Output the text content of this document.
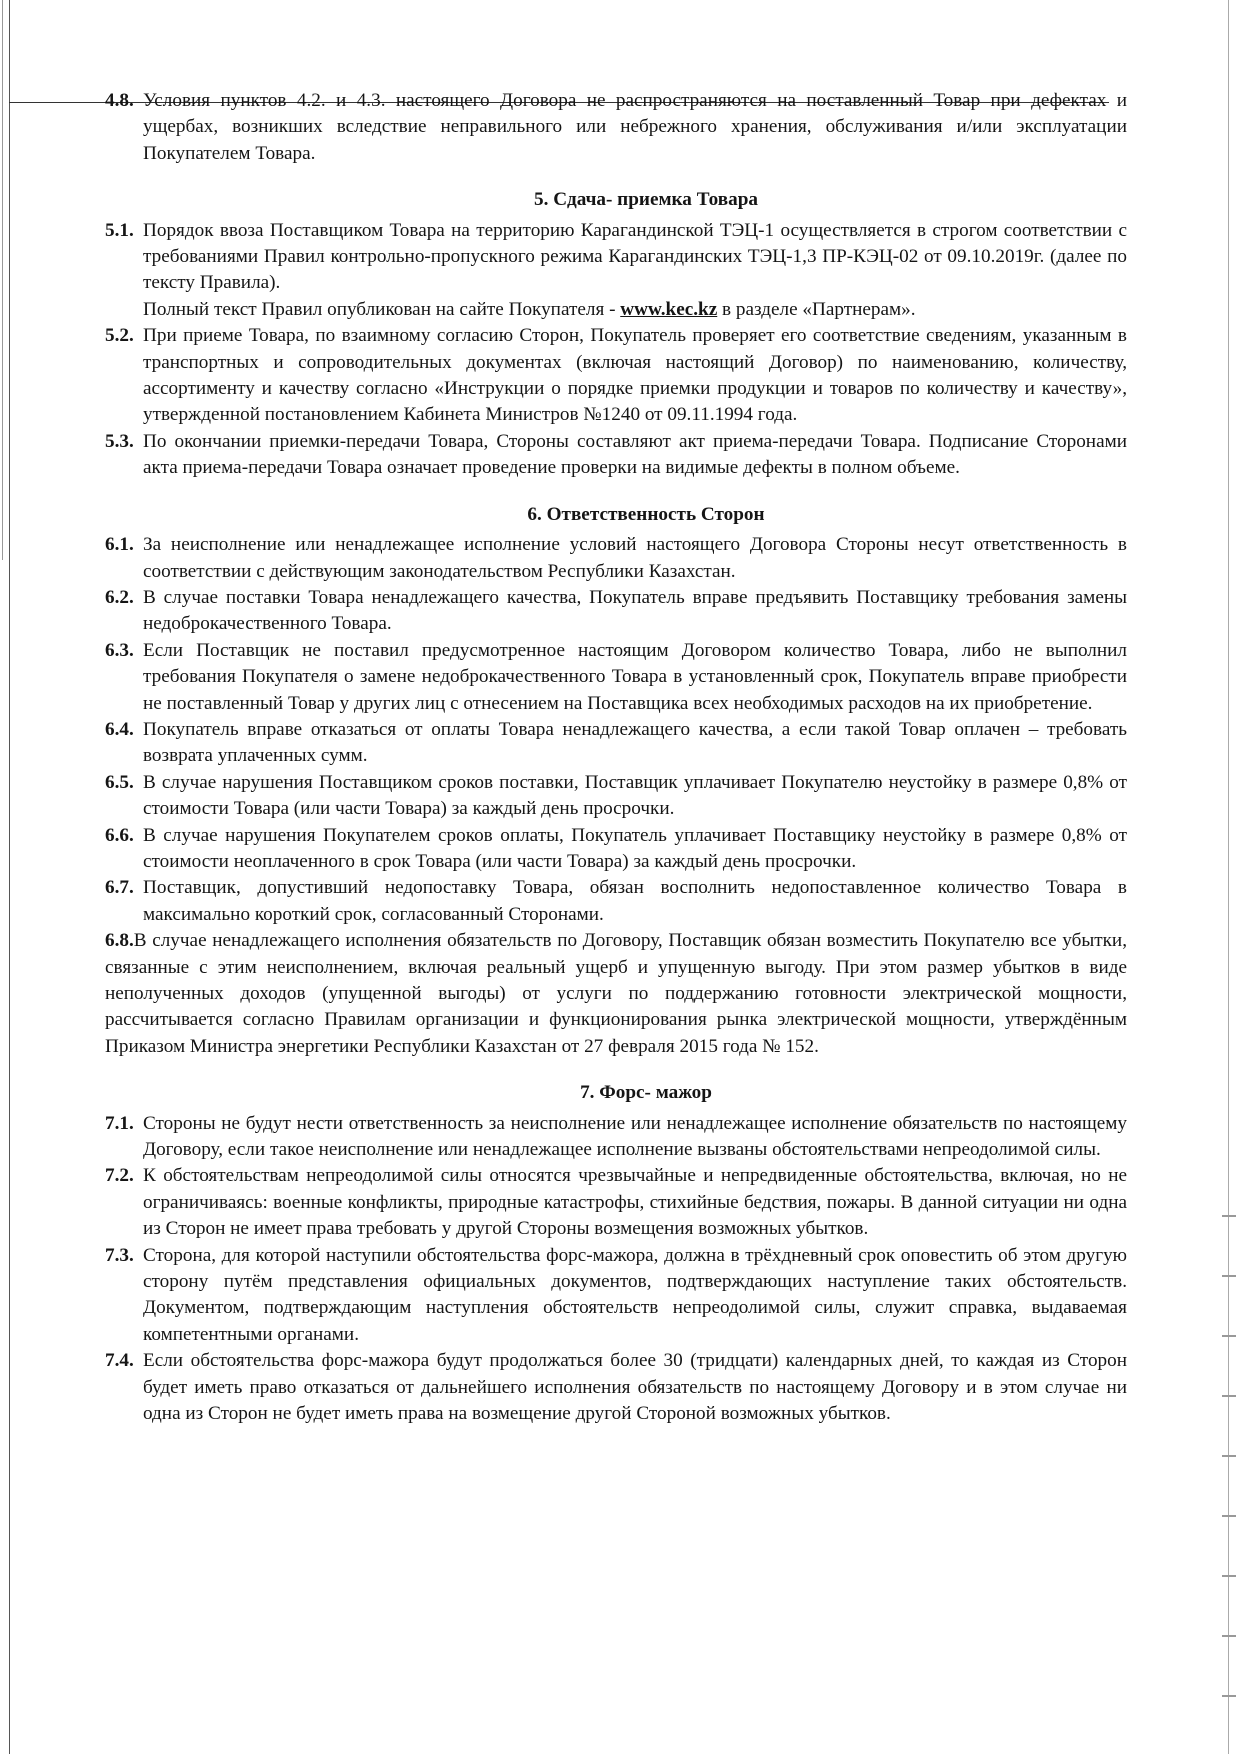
4.8. Условия пунктов 4.2. и 4.3. настоящего Договора не распространяются на поставленный Товар при дефектах и ущербах, возникших вследствие неправильного или небрежного хранения, обслуживания и/или эксплуатации Покупателем Товара.
5. Сдача- приемка Товара
5.1. Порядок ввоза Поставщиком Товара на территорию Карагандинской ТЭЦ-1 осуществляется в строгом соответствии с требованиями Правил контрольно-пропускного режима Карагандинских ТЭЦ-1,3 ПР-КЭЦ-02 от 09.10.2019г. (далее по тексту Правила).
Полный текст Правил опубликован на сайте Покупателя - www.kec.kz в разделе «Партнерам».
5.2. При приеме Товара, по взаимному согласию Сторон, Покупатель проверяет его соответствие сведениям, указанным в транспортных и сопроводительных документах (включая настоящий Договор) по наименованию, количеству, ассортименту и качеству согласно «Инструкции о порядке приемки продукции и товаров по количеству и качеству», утвержденной постановлением Кабинета Министров №1240 от 09.11.1994 года.
5.3. По окончании приемки-передачи Товара, Стороны составляют акт приема-передачи Товара. Подписание Сторонами акта приема-передачи Товара означает проведение проверки на видимые дефекты в полном объеме.
6. Ответственность Сторон
6.1. За неисполнение или ненадлежащее исполнение условий настоящего Договора Стороны несут ответственность в соответствии с действующим законодательством Республики Казахстан.
6.2. В случае поставки Товара ненадлежащего качества, Покупатель вправе предъявить Поставщику требования замены недоброкачественного Товара.
6.3. Если Поставщик не поставил предусмотренное настоящим Договором количество Товара, либо не выполнил требования Покупателя о замене недоброкачественного Товара в установленный срок, Покупатель вправе приобрести не поставленный Товар у других лиц с отнесением на Поставщика всех необходимых расходов на их приобретение.
6.4. Покупатель вправе отказаться от оплаты Товара ненадлежащего качества, а если такой Товар оплачен – требовать возврата уплаченных сумм.
6.5. В случае нарушения Поставщиком сроков поставки, Поставщик уплачивает Покупателю неустойку в размере 0,8% от стоимости Товара (или части Товара) за каждый день просрочки.
6.6. В случае нарушения Покупателем сроков оплаты, Покупатель уплачивает Поставщику неустойку в размере 0,8% от стоимости неоплаченного в срок Товара (или части Товара) за каждый день просрочки.
6.7. Поставщик, допустивший недопоставку Товара, обязан восполнить недопоставленное количество Товара в максимально короткий срок, согласованный Сторонами.
6.8.В случае ненадлежащего исполнения обязательств по Договору, Поставщик обязан возместить Покупателю все убытки, связанные с этим неисполнением, включая реальный ущерб и упущенную выгоду. При этом размер убытков в виде неполученных доходов (упущенной выгоды) от услуги по поддержанию готовности электрической мощности, рассчитывается согласно Правилам организации и функционирования рынка электрической мощности, утверждённым Приказом Министра энергетики Республики Казахстан от 27 февраля 2015 года № 152.
7. Форс- мажор
7.1. Стороны не будут нести ответственность за неисполнение или ненадлежащее исполнение обязательств по настоящему Договору, если такое неисполнение или ненадлежащее исполнение вызваны обстоятельствами непреодолимой силы.
7.2. К обстоятельствам непреодолимой силы относятся чрезвычайные и непредвиденные обстоятельства, включая, но не ограничиваясь: военные конфликты, природные катастрофы, стихийные бедствия, пожары. В данной ситуации ни одна из Сторон не имеет права требовать у другой Стороны возмещения возможных убытков.
7.3. Сторона, для которой наступили обстоятельства форс-мажора, должна в трёхдневный срок оповестить об этом другую сторону путём представления официальных документов, подтверждающих наступление таких обстоятельств. Документом, подтверждающим наступления обстоятельств непреодолимой силы, служит справка, выдаваемая компетентными органами.
7.4. Если обстоятельства форс-мажора будут продолжаться более 30 (тридцати) календарных дней, то каждая из Сторон будет иметь право отказаться от дальнейшего исполнения обязательств по настоящему Договору и в этом случае ни одна из Сторон не будет иметь права на возмещение другой Стороной возможных убытков.
